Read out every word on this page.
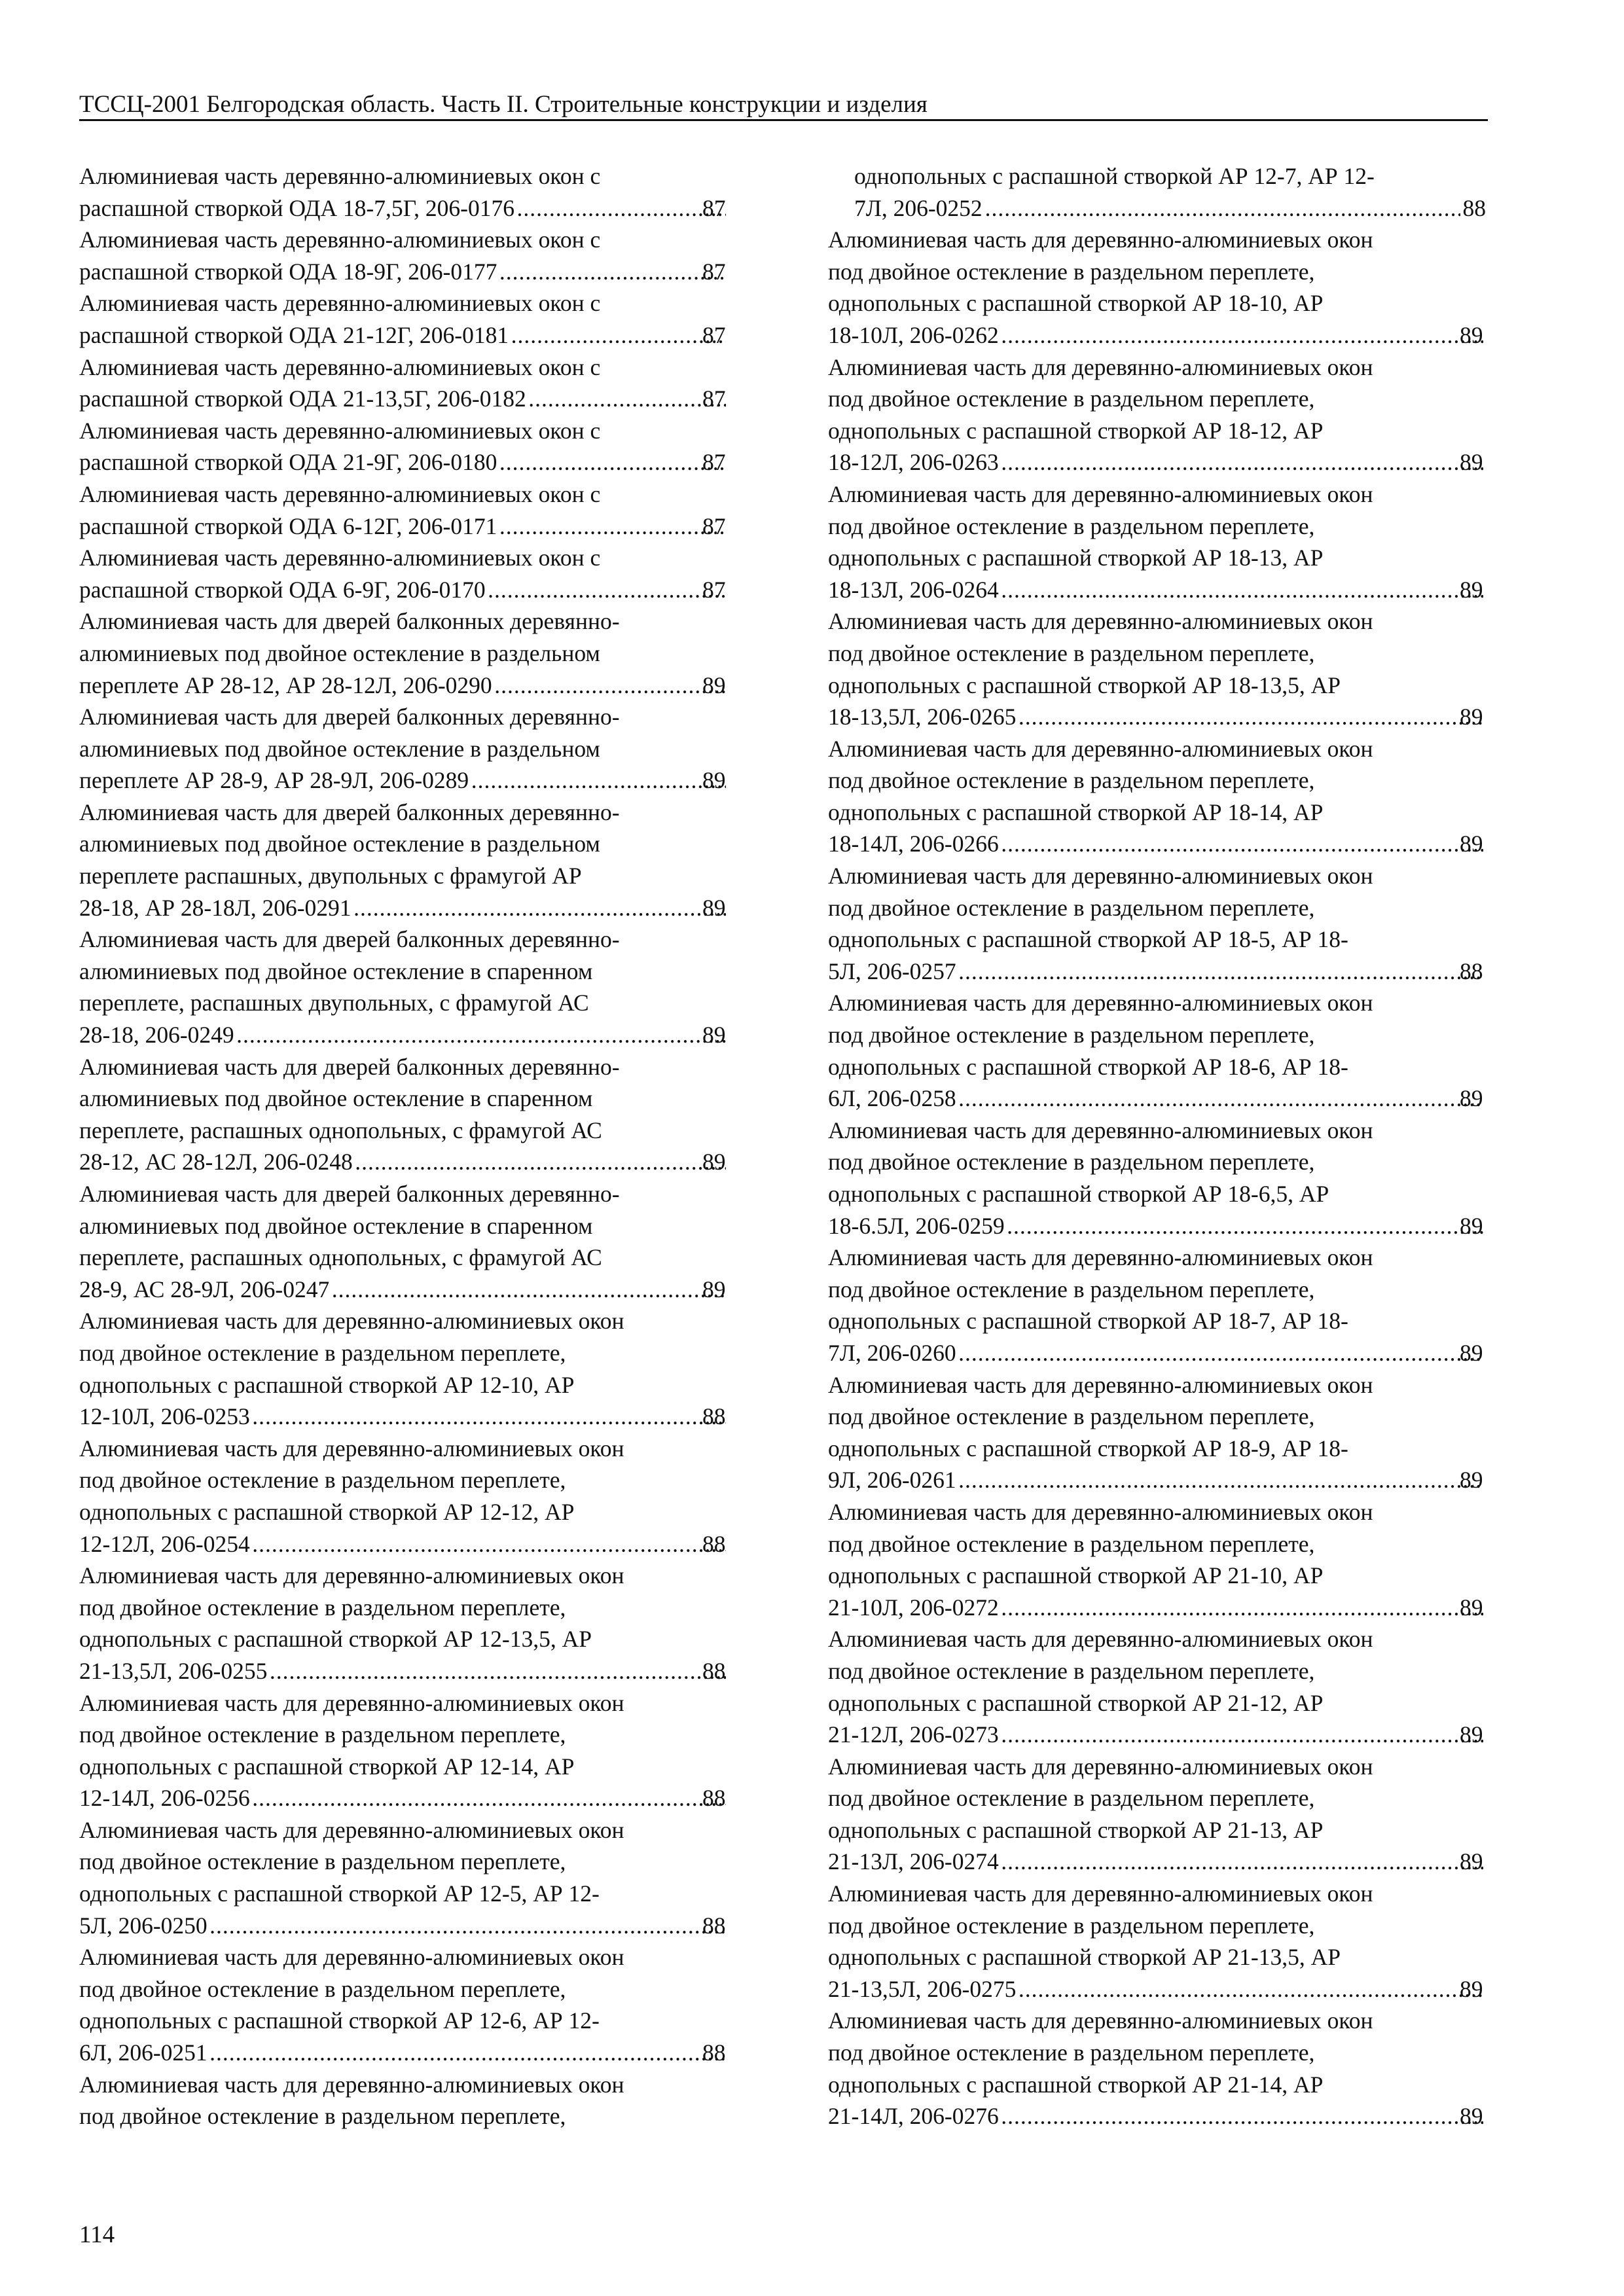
ТССЦ-2001 Белгородская область. Часть II. Строительные конструкции и изделия
Алюминиевая часть деревянно-алюминиевых окон с
распашной створкой ОДА 18-7,5Г, 206-0176 .....	87
Алюминиевая часть деревянно-алюминиевых окон с
распашной створкой ОДА 18-9Г, 206-0177 .....	87
Алюминиевая часть деревянно-алюминиевых окон с
распашной створкой ОДА 21-12Г, 206-0181 .....	87
Алюминиевая часть деревянно-алюминиевых окон с
распашной створкой ОДА 21-13,5Г, 206-0182 .....	87
Алюминиевая часть деревянно-алюминиевых окон с
распашной створкой ОДА 21-9Г, 206-0180 .....	87
Алюминиевая часть деревянно-алюминиевых окон с
распашной створкой ОДА 6-12Г, 206-0171 .....	87
Алюминиевая часть деревянно-алюминиевых окон с
распашной створкой ОДА 6-9Г, 206-0170 .....	87
Алюминиевая часть для дверей балконных деревянно-
алюминиевых под двойное остекление в раздельном
переплете АР 28-12, АР 28-12Л, 206-0290 .....	89
Алюминиевая часть для дверей балконных деревянно-
алюминиевых под двойное остекление в раздельном
переплете АР 28-9, АР 28-9Л, 206-0289 .....	89
Алюминиевая часть для дверей балконных деревянно-
алюминиевых под двойное остекление в раздельном
переплете распашных, двупольных с фрамугой АР
28-18, АР 28-18Л, 206-0291 .....	89
Алюминиевая часть для дверей балконных деревянно-
алюминиевых под двойное остекление в спаренном
переплете, распашных двупольных, с фрамугой АС
28-18, 206-0249 .....	89
Алюминиевая часть для дверей балконных деревянно-
алюминиевых под двойное остекление в спаренном
переплете, распашных однопольных, с фрамугой АС
28-12, АС 28-12Л, 206-0248 .....	89
Алюминиевая часть для дверей балконных деревянно-
алюминиевых под двойное остекление в спаренном
переплете, распашных однопольных, с фрамугой АС
28-9, АС 28-9Л, 206-0247 .....	89
Алюминиевая часть для деревянно-алюминиевых окон
под двойное остекление в раздельном переплете,
однопольных с распашной створкой АР 12-10, АР
12-10Л, 206-0253 .....	88
Алюминиевая часть для деревянно-алюминиевых окон
под двойное остекление в раздельном переплете,
однопольных с распашной створкой АР 12-12, АР
12-12Л, 206-0254 .....	88
Алюминиевая часть для деревянно-алюминиевых окон
под двойное остекление в раздельном переплете,
однопольных с распашной створкой АР 12-13,5, АР
21-13,5Л, 206-0255 .....	88
Алюминиевая часть для деревянно-алюминиевых окон
под двойное остекление в раздельном переплете,
однопольных с распашной створкой АР 12-14, АР
12-14Л, 206-0256 .....	88
Алюминиевая часть для деревянно-алюминиевых окон
под двойное остекление в раздельном переплете,
однопольных с распашной створкой АР 12-5, АР 12-
5Л, 206-0250 .....	88
Алюминиевая часть для деревянно-алюминиевых окон
под двойное остекление в раздельном переплете,
однопольных с распашной створкой АР 12-6, АР 12-
6Л, 206-0251 .....	88
Алюминиевая часть для деревянно-алюминиевых окон
под двойное остекление в раздельном переплете,
однопольных с распашной створкой АР 12-7, АР 12-
7Л, 206-0252 .....	88
Алюминиевая часть для деревянно-алюминиевых окон
под двойное остекление в раздельном переплете,
однопольных с распашной створкой АР 18-10, АР
18-10Л, 206-0262 .....	89
Алюминиевая часть для деревянно-алюминиевых окон
под двойное остекление в раздельном переплете,
однопольных с распашной створкой АР 18-12, АР
18-12Л, 206-0263 .....	89
Алюминиевая часть для деревянно-алюминиевых окон
под двойное остекление в раздельном переплете,
однопольных с распашной створкой АР 18-13, АР
18-13Л, 206-0264 .....	89
Алюминиевая часть для деревянно-алюминиевых окон
под двойное остекление в раздельном переплете,
однопольных с распашной створкой АР 18-13,5, АР
18-13,5Л, 206-0265 .....	89
Алюминиевая часть для деревянно-алюминиевых окон
под двойное остекление в раздельном переплете,
однопольных с распашной створкой АР 18-14, АР
18-14Л, 206-0266 .....	89
Алюминиевая часть для деревянно-алюминиевых окон
под двойное остекление в раздельном переплете,
однопольных с распашной створкой АР 18-5, АР 18-
5Л, 206-0257 .....	88
Алюминиевая часть для деревянно-алюминиевых окон
под двойное остекление в раздельном переплете,
однопольных с распашной створкой АР 18-6, АР 18-
6Л, 206-0258 .....	89
Алюминиевая часть для деревянно-алюминиевых окон
под двойное остекление в раздельном переплете,
однопольных с распашной створкой АР 18-6,5, АР
18-6.5Л, 206-0259 .....	89
Алюминиевая часть для деревянно-алюминиевых окон
под двойное остекление в раздельном переплете,
однопольных с распашной створкой АР 18-7, АР 18-
7Л, 206-0260 .....	89
Алюминиевая часть для деревянно-алюминиевых окон
под двойное остекление в раздельном переплете,
однопольных с распашной створкой АР 18-9, АР 18-
9Л, 206-0261 .....	89
Алюминиевая часть для деревянно-алюминиевых окон
под двойное остекление в раздельном переплете,
однопольных с распашной створкой АР 21-10, АР
21-10Л, 206-0272 .....	89
Алюминиевая часть для деревянно-алюминиевых окон
под двойное остекление в раздельном переплете,
однопольных с распашной створкой АР 21-12, АР
21-12Л, 206-0273 .....	89
Алюминиевая часть для деревянно-алюминиевых окон
под двойное остекление в раздельном переплете,
однопольных с распашной створкой АР 21-13, АР
21-13Л, 206-0274 .....	89
Алюминиевая часть для деревянно-алюминиевых окон
под двойное остекление в раздельном переплете,
однопольных с распашной створкой АР 21-13,5, АР
21-13,5Л, 206-0275 .....	89
Алюминиевая часть для деревянно-алюминиевых окон
под двойное остекление в раздельном переплете,
однопольных с распашной створкой АР 21-14, АР
21-14Л, 206-0276 .....	89
114
